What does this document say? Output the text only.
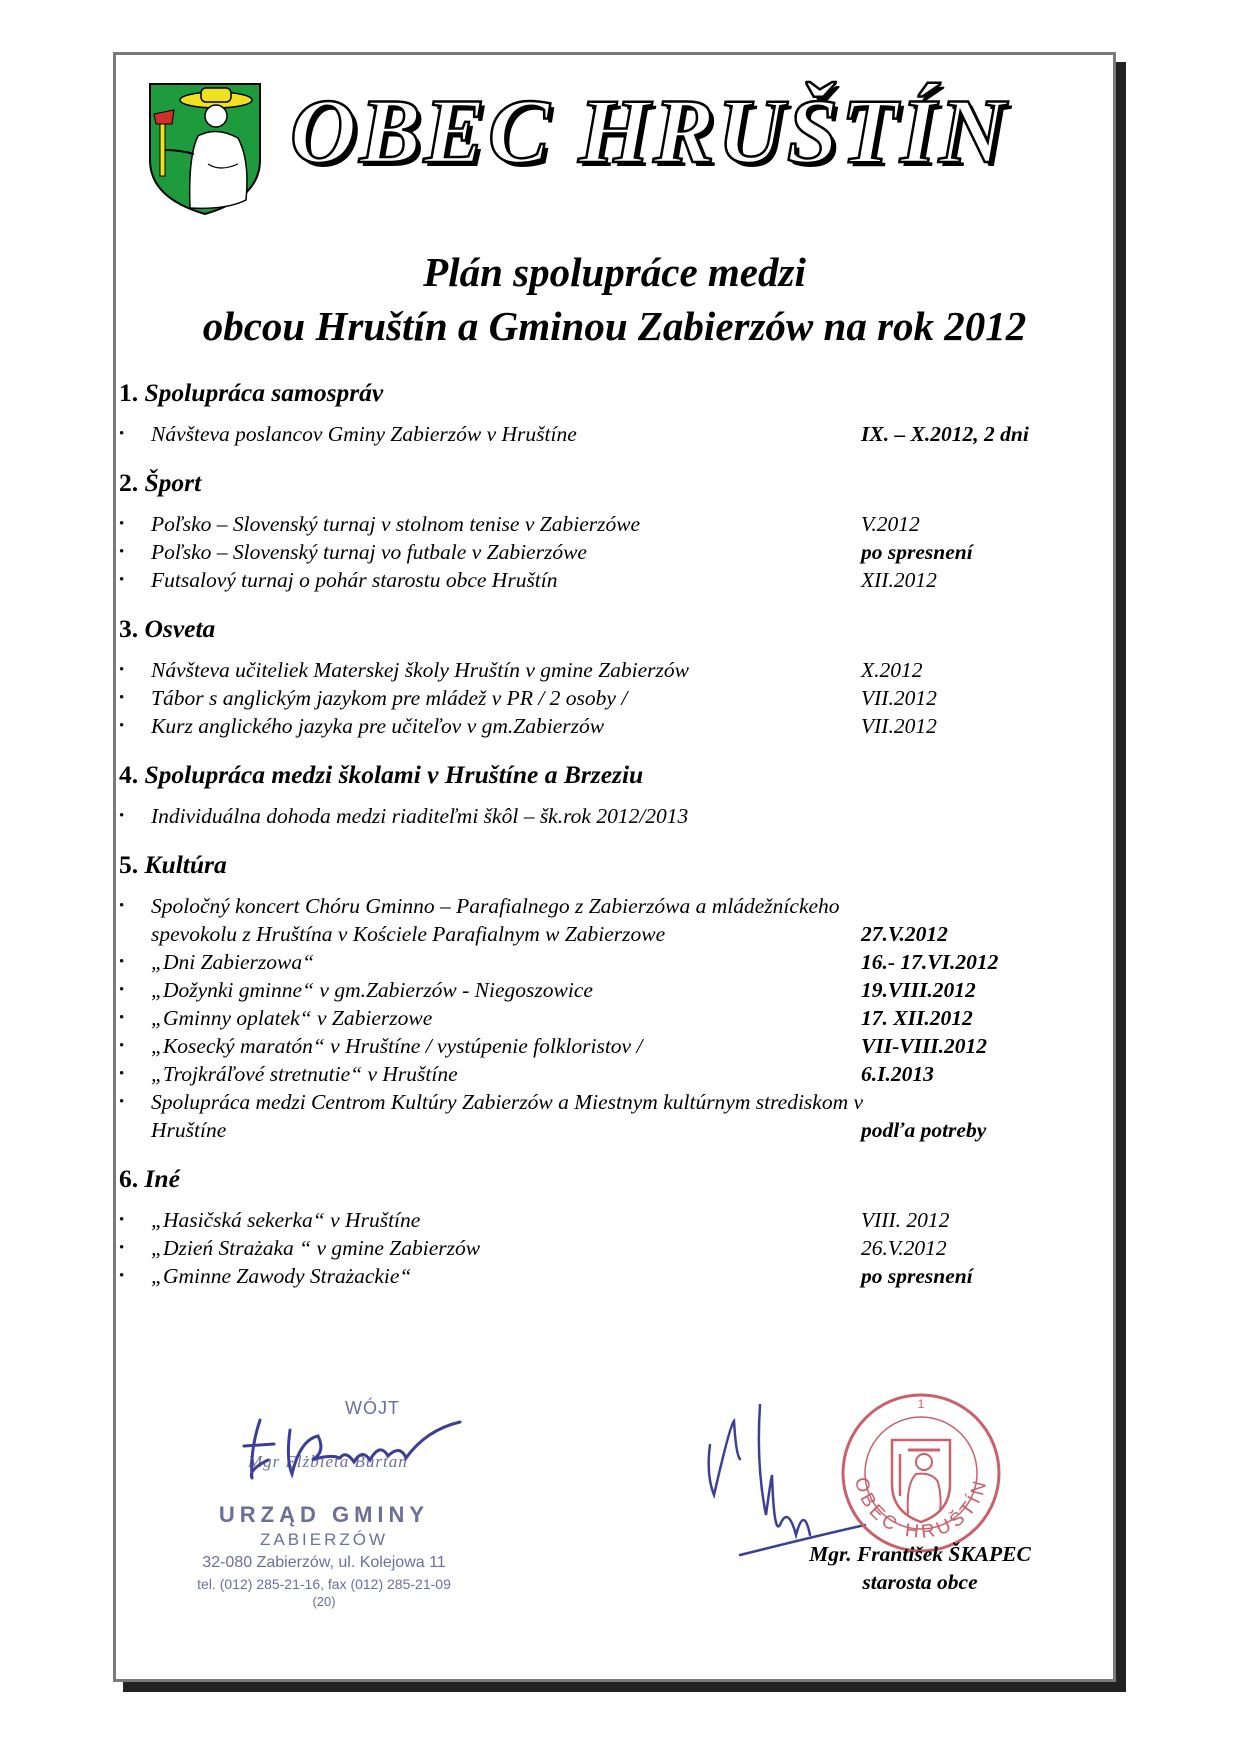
OBEC HRUŠTÍN
Plán spolupráce medzi
obcou Hruštín a Gminou Zabierzów na rok 2012
1. Spolupráca samospráv
•	Návšteva poslancov Gminy Zabierzów v Hruštíne	IX. – X.2012, 2 dni
2. Šport
•	Poľsko – Slovenský turnaj v stolnom tenise v Zabierzówe	V.2012
•	Poľsko – Slovenský turnaj vo futbale v Zabierzówe	po spresnení
•	Futsalový turnaj o pohár starostu obce Hruštín	XII.2012
3. Osveta
•	Návšteva učiteliek Materskej školy Hruštín v gmine Zabierzów	X.2012
•	Tábor s anglickým jazykom pre mládež v PR / 2 osoby /	VII.2012
•	Kurz anglického jazyka pre učiteľov v gm.Zabierzów	VII.2012
4. Spolupráca medzi školami v Hruštíne a Brzeziu
•	Individuálna dohoda medzi riaditeľmi škôl – šk.rok 2012/2013
5. Kultúra
•	Spoločný koncert Chóru Gminno – Parafialnego z Zabierzówa a mládežníckeho spevokolu z Hruštína v Kościele Parafialnym w Zabierzowe	27.V.2012
•	„Dni Zabierzowa“	16.- 17.VI.2012
•	„Dožynki gminne“ v gm.Zabierzów - Niegoszowice	19.VIII.2012
•	„Gminny oplatek“ v Zabierzowe	17. XII.2012
•	„Kosecký maratón“ v Hruštíne / vystúpenie folkloristov /	VII-VIII.2012
•	„Trojkráľové stretnutie“ v Hruštíne	6.I.2013
•	Spolupráca medzi Centrom Kultúry Zabierzów a Miestnym kultúrnym strediskom v Hruštíne	podľa potreby
6. Iné
•	„Hasičská sekerka“ v Hruštíne	VIII. 2012
•	„Dzień Strażaka “ v gmine Zabierzów	26.V.2012
•	„Gminne Zawody Strażackie“	po spresnení
WÓJT
Mgr Elżbieta Burtan
URZĄD GMINY
ZABIERZÓW
32-080 Zabierzów, ul. Kolejowa 11
tel. (012) 285-21-16, fax (012) 285-21-09
(20)
1
OBEC HRUŠTÍN
Mgr. František ŠKAPEC
starosta obce
